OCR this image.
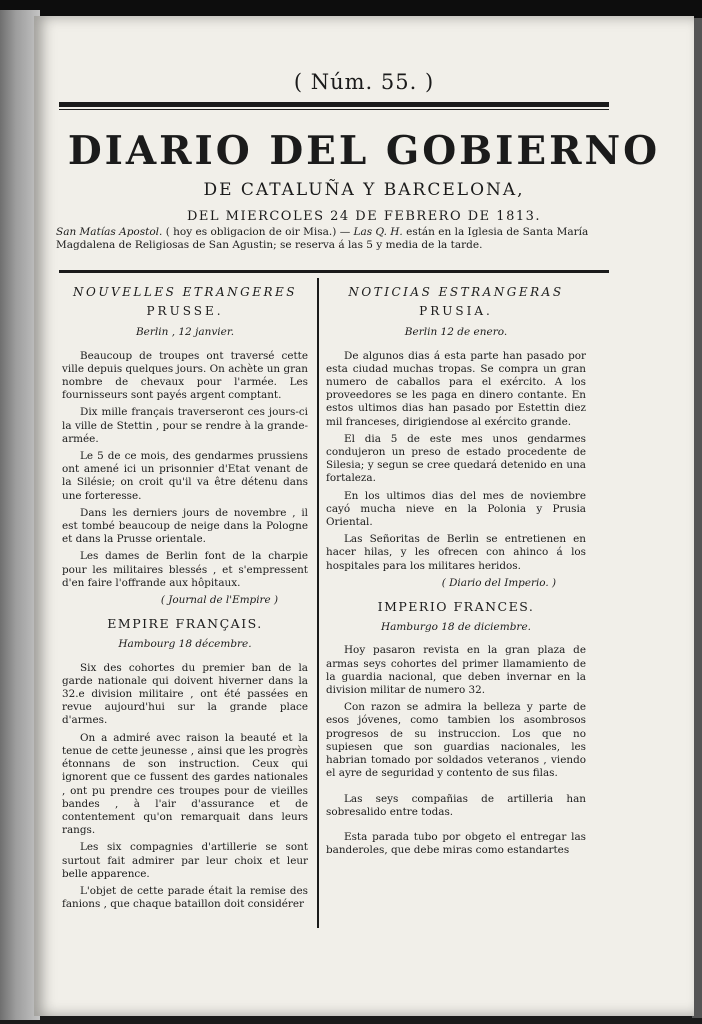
( Núm. 55. )
DIARIO DEL GOBIERNO
DE CATALUÑA Y BARCELONA,
DEL MIERCOLES 24 DE FEBRERO DE 1813.
San Matías Apostol. ( hoy es obligacion de oir Misa.) — Las Q. H. están en la Iglesia de Santa María Magdalena de Religiosas de San Agustin; se reserva á las 5 y media de la tarde.
NOUVELLES ETRANGERES
PRUSSE.
Berlin , 12 janvier.

Beaucoup de troupes ont traversé cette ville depuis quelques jours. On achète un gran nombre de chevaux pour l'armée. Les fournisseurs sont payés argent comptant.

Dix mille français traverseront ces jours-ci la ville de Stettin , pour se rendre à la grande-armée.

Le 5 de ce mois, des gendarmes prussiens ont amené ici un prisonnier d'Etat venant de la Silésie; on croit qu'il va être détenu dans une forteresse.

Dans les derniers jours de novembre , il est tombé beaucoup de neige dans la Pologne et dans la Prusse orientale.

Les dames de Berlin font de la charpie pour les militaires blessés , et s'empressent d'en faire l'offrande aux hôpitaux.

( Journal de l'Empire )
EMPIRE FRANÇAIS.
Hambourg 18 décembre.

Six des cohortes du premier ban de la garde nationale qui doivent hiverner dans la 32.e division militaire , ont été passées en revue aujourd'hui sur la grande place d'armes.

On a admiré avec raison la beauté et la tenue de cette jeunesse , ainsi que les progrès étonnans de son instruction. Ceux qui ignorent que ce fussent des gardes nationales , ont pu prendre ces troupes pour de vieilles bandes , à l'air d'assurance et de contentement qu'on remarquait dans leurs rangs.

Les six compagnies d'artillerie se sont surtout fait admirer par leur choix et leur belle apparence.

L'objet de cette parade était la remise des fanions , que chaque bataillon doit considérer

NOTICIAS ESTRANGERAS
PRUSIA.
Berlin 12 de enero.

De algunos dias á esta parte han pasado por esta ciudad muchas tropas. Se compra un gran numero de caballos para el exército. A los proveedores se les paga en dinero contante. En estos ultimos dias han pasado por Estettin diez mil franceses, dirigiendose al exército grande.

El dia 5 de este mes unos gendarmes condujeron un preso de estado procedente de Silesia; y segun se cree quedará detenido en una fortaleza.

En los ultimos dias del mes de noviembre cayó mucha nieve en la Polonia y Prusia Oriental.

Las Señoritas de Berlin se entretienen en hacer hilas, y les ofrecen con ahinco á los hospitales para los militares heridos.

( Diario del Imperio. )
IMPERIO FRANCES.
Hamburgo 18 de diciembre.

Hoy pasaron revista en la gran plaza de armas seys cohortes del primer llamamiento de la guardia nacional, que deben invernar en la division militar de numero 32.

Con razon se admira la belleza y parte de esos jóvenes, como tambien los asombrosos progresos de su instruccion. Los que no supiesen que son guardias nacionales, les habrian tomado por soldados veteranos , viendo el ayre de seguridad y contento de sus filas.

Las seys compañias de artilleria han sobresalido entre todas.

Esta parada tubo por obgeto el entregar las banderoles, que debe miras como estandartes
